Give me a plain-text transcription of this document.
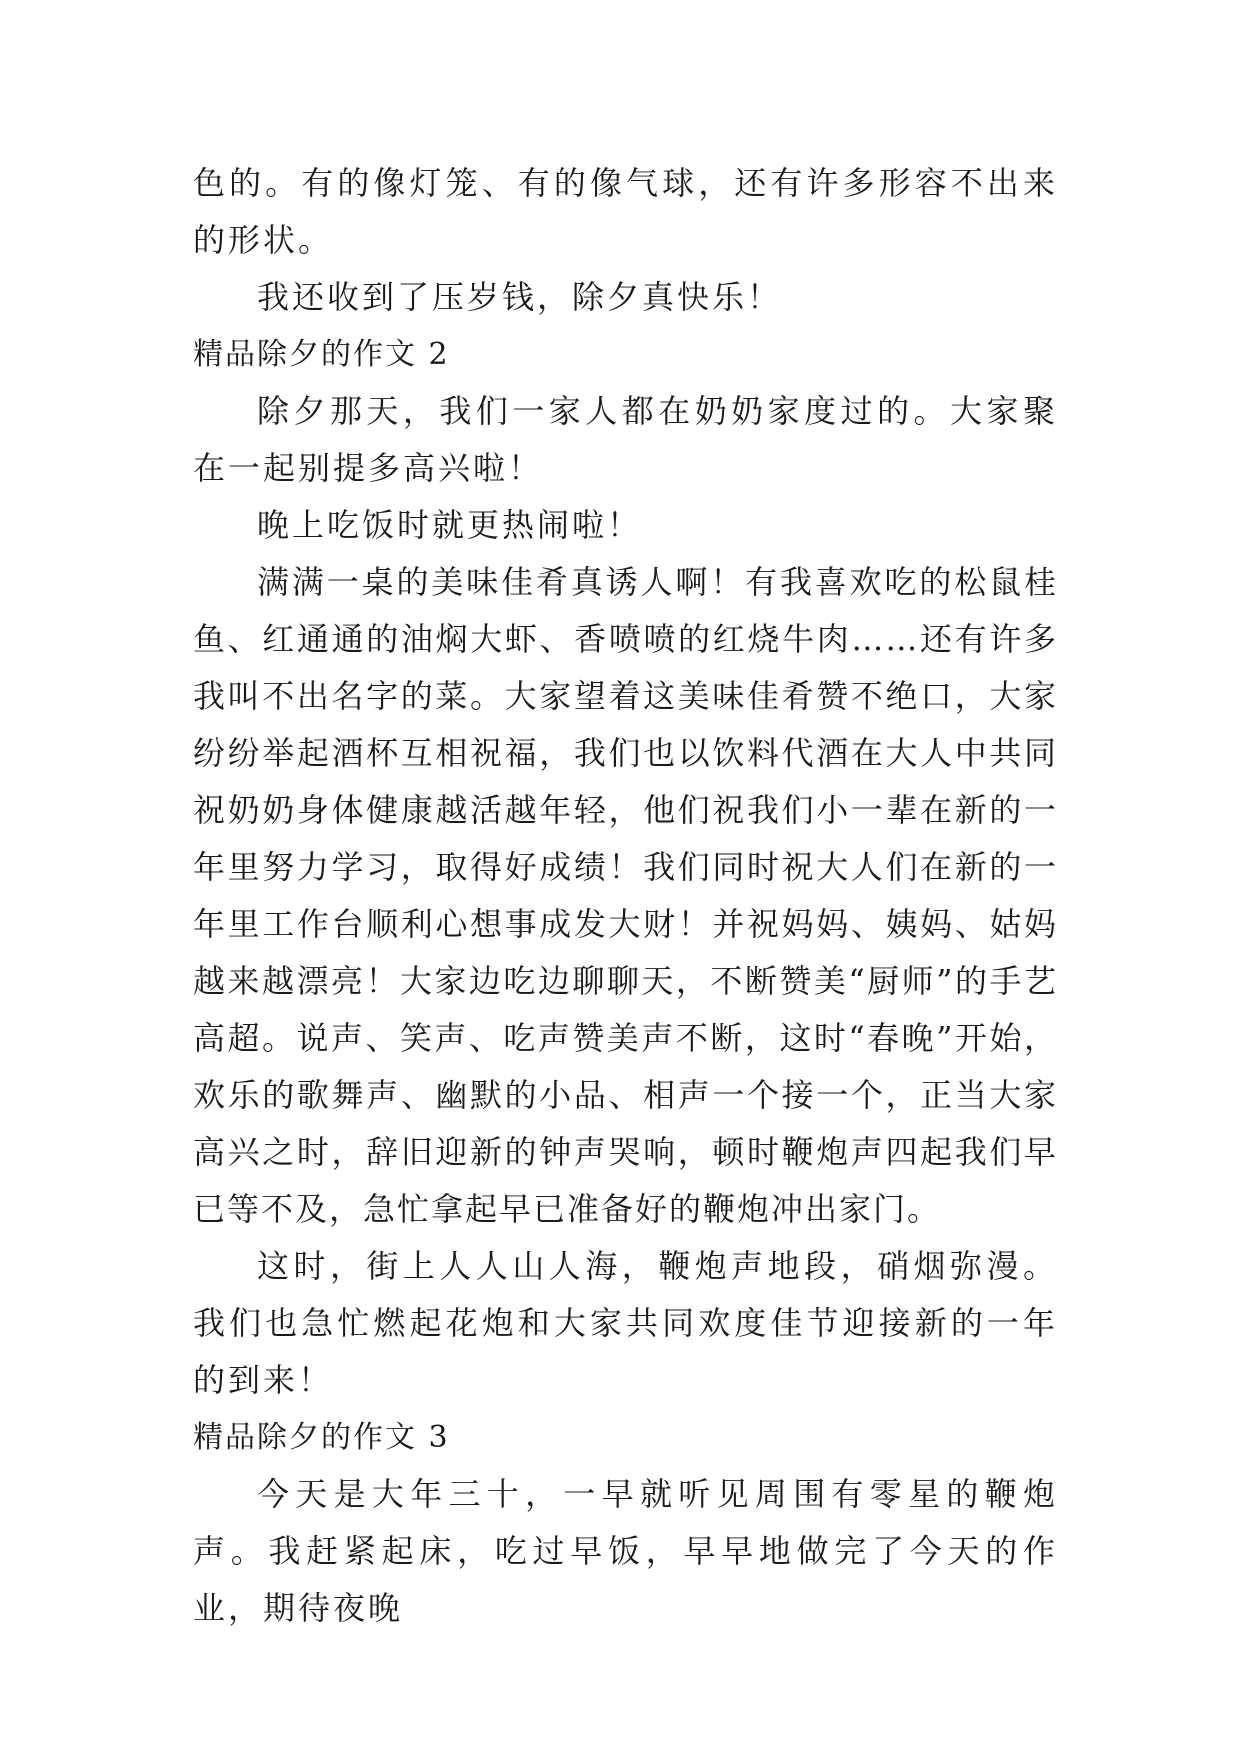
色的。有的像灯笼、有的像气球，还有许多形容不出来的形状。

我还收到了压岁钱，除夕真快乐！

精品除夕的作文 2

除夕那天，我们一家人都在奶奶家度过的。大家聚在一起别提多高兴啦！

晚上吃饭时就更热闹啦！

满满一桌的美味佳肴真诱人啊！有我喜欢吃的松鼠桂鱼、红通通的油焖大虾、香喷喷的红烧牛肉……还有许多我叫不出名字的菜。大家望着这美味佳肴赞不绝口，大家纷纷举起酒杯互相祝福，我们也以饮料代酒在大人中共同祝奶奶身体健康越活越年轻，他们祝我们小一辈在新的一年里努力学习，取得好成绩！我们同时祝大人们在新的一年里工作台顺利心想事成发大财！并祝妈妈、姨妈、姑妈越来越漂亮！大家边吃边聊聊天，不断赞美“厨师”的手艺高超。说声、笑声、吃声赞美声不断，这时“春晚”开始，欢乐的歌舞声、幽默的小品、相声一个接一个，正当大家高兴之时，辞旧迎新的钟声哭响，顿时鞭炮声四起我们早已等不及，急忙拿起早已准备好的鞭炮冲出家门。

这时，街上人人山人海，鞭炮声地段，硝烟弥漫。我们也急忙燃起花炮和大家共同欢度佳节迎接新的一年的到来！

精品除夕的作文 3

今天是大年三十，一早就听见周围有零星的鞭炮声。我赶紧起床，吃过早饭，早早地做完了今天的作业，期待夜晚
